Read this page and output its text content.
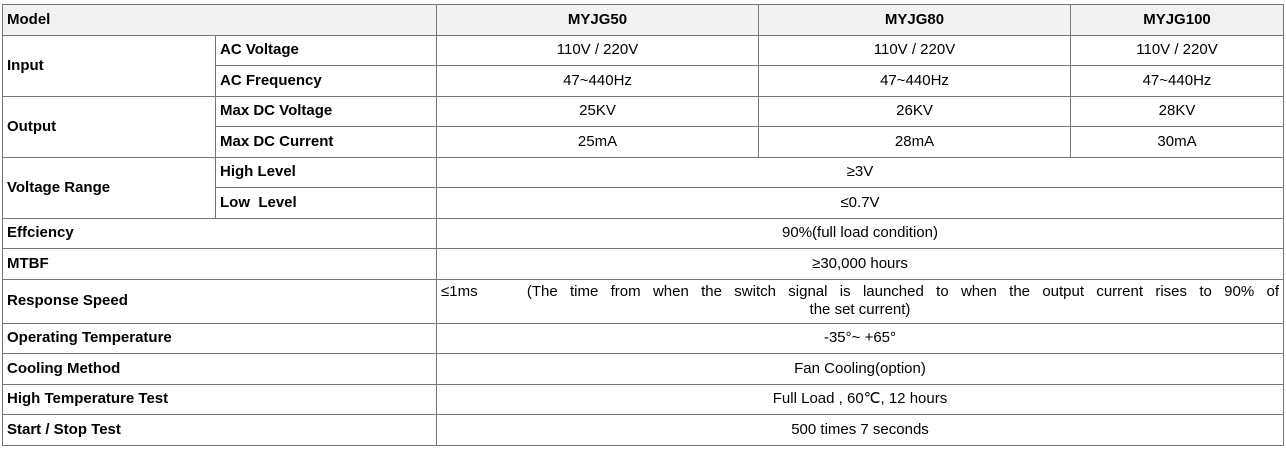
Model		MYJG50	MYJG80	MYJG100
Input	AC Voltage	110V / 220V	110V / 220V	110V / 220V
	AC Frequency	47~440Hz	47~440Hz	47~440Hz
Output	Max DC Voltage	25KV	26KV	28KV
	Max DC Current	25mA	28mA	30mA
Voltage Range	High Level	≥3V		
	Low  Level	≤0.7V		
Effciency		90%(full load condition)		
MTBF		≥30,000 hours		
Response Speed		≤1ms    (The time from when the switch signal is launched to when the output current rises to 90% of
the set current)		

Operating Temperature		-35°~ +65°		
Cooling Method		Fan Cooling(option)		
High Temperature Test		Full Load , 60℃, 12 hours		
Start / Stop Test		500 times 7 seconds		
